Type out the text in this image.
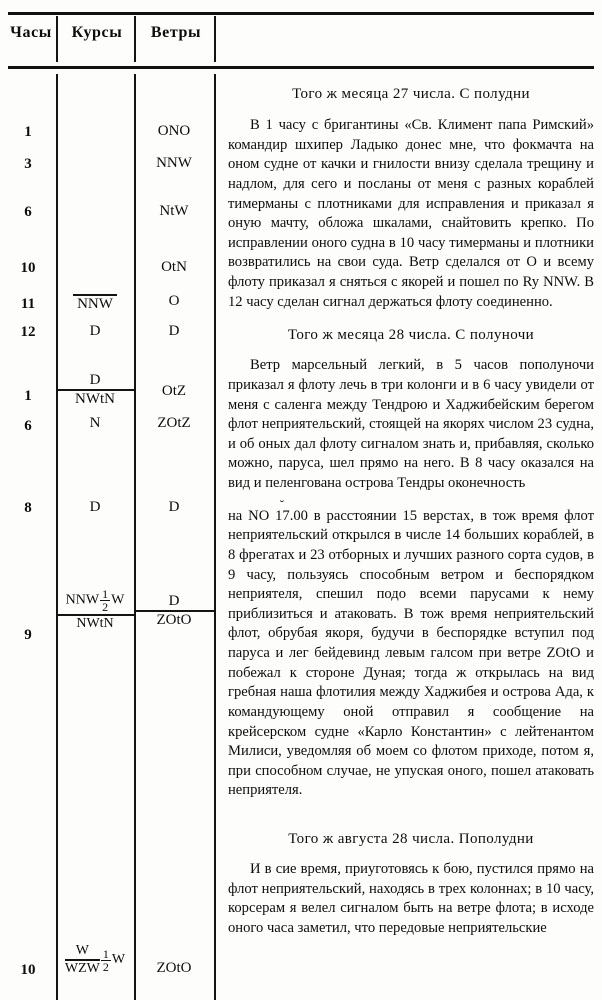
Часы	Курсы	Ветры
1
3
6
10
11
12
1
6
8
9
10
ONO
NNW
NtW
OtN
O
D
OtZ
ZOtZ
D
ZOtO
NNW
D
N
D
D
NWtN
NNW $\frac{1}{2}$ W
NWtN
D
ZOtO
$\frac{W}{\text{WZW}} \frac{1}{2}$ W
Того ж месяца 27 числа. С полудни

В 1 часу с бригантины «Св. Климент папа Римский» командир шхипер Ладыко донес мне, что фокмачта на оном судне от качки и гнилости внизу сделала трещину и надлом, для сего и посланы от меня с разных кораблей тимерманы с плотниками для исправления и приказал я оную мачту, обложа шкалами, снайтовить крепко. По исправлении оного судна в 10 часу тимерманы и плотники возвратились на свои суда. Ветр сделался от О и всему флоту приказал я сняться с якорей и пошел по Ry NNW. В 12 часу сделан сигнал держаться флоту соединенно.

Того ж месяца 28 числа. С полуночи

Ветр марсельный легкий, в 5 часов пополуночи приказал я флоту лечь в три колонги и в 6 часу увидели от меня с саленга между Тендрою и Хаджибейским берегом флот неприятельский, стоящей на якорях числом 23 судна, и об оных дал флоту сигналом знать и, прибавляя, сколько можно, паруса, шел прямо на него. В 8 часу оказался на вид и пеленгована острова Тендры оконечность

на NO ˘ 17.00 в расстоянии 15 верстах, в тож время флот неприятельский открылся в числе 14 больших кораблей, в 8 фрегатах и 23 отборных и лучших разного сорта судов, в 9 часу, пользуясь способным ветром и беспорядком неприятеля, спешил подо всеми парусами к нему приблизиться и атаковать. В тож время неприятельский флот, обрубая якоря, будучи в беспорядке вступил под паруса и лег бейдевинд левым галсом при ветре ZOtO и побежал к стороне Дуная; тогда ж открылась на вид гребная наша флотилия между Хаджибея и острова Ада, к командующему оной отправил я сообщение на крейсерском судне «Карло Константин» с лейтенантом Милиси, уведомляя об моем со флотом приходе, потом я, при способном случае, не упуская оного, пошел атаковать неприятеля.

Того ж августа 28 числа. Пополудни

И в сие время, приуготовясь к бою, пустился прямо на флот неприятельский, находясь в трех колоннах; в 10 часу, корсерам я велел сигналом быть на ветре флота; в исходе оного часа заметил, что передовые неприятельские
